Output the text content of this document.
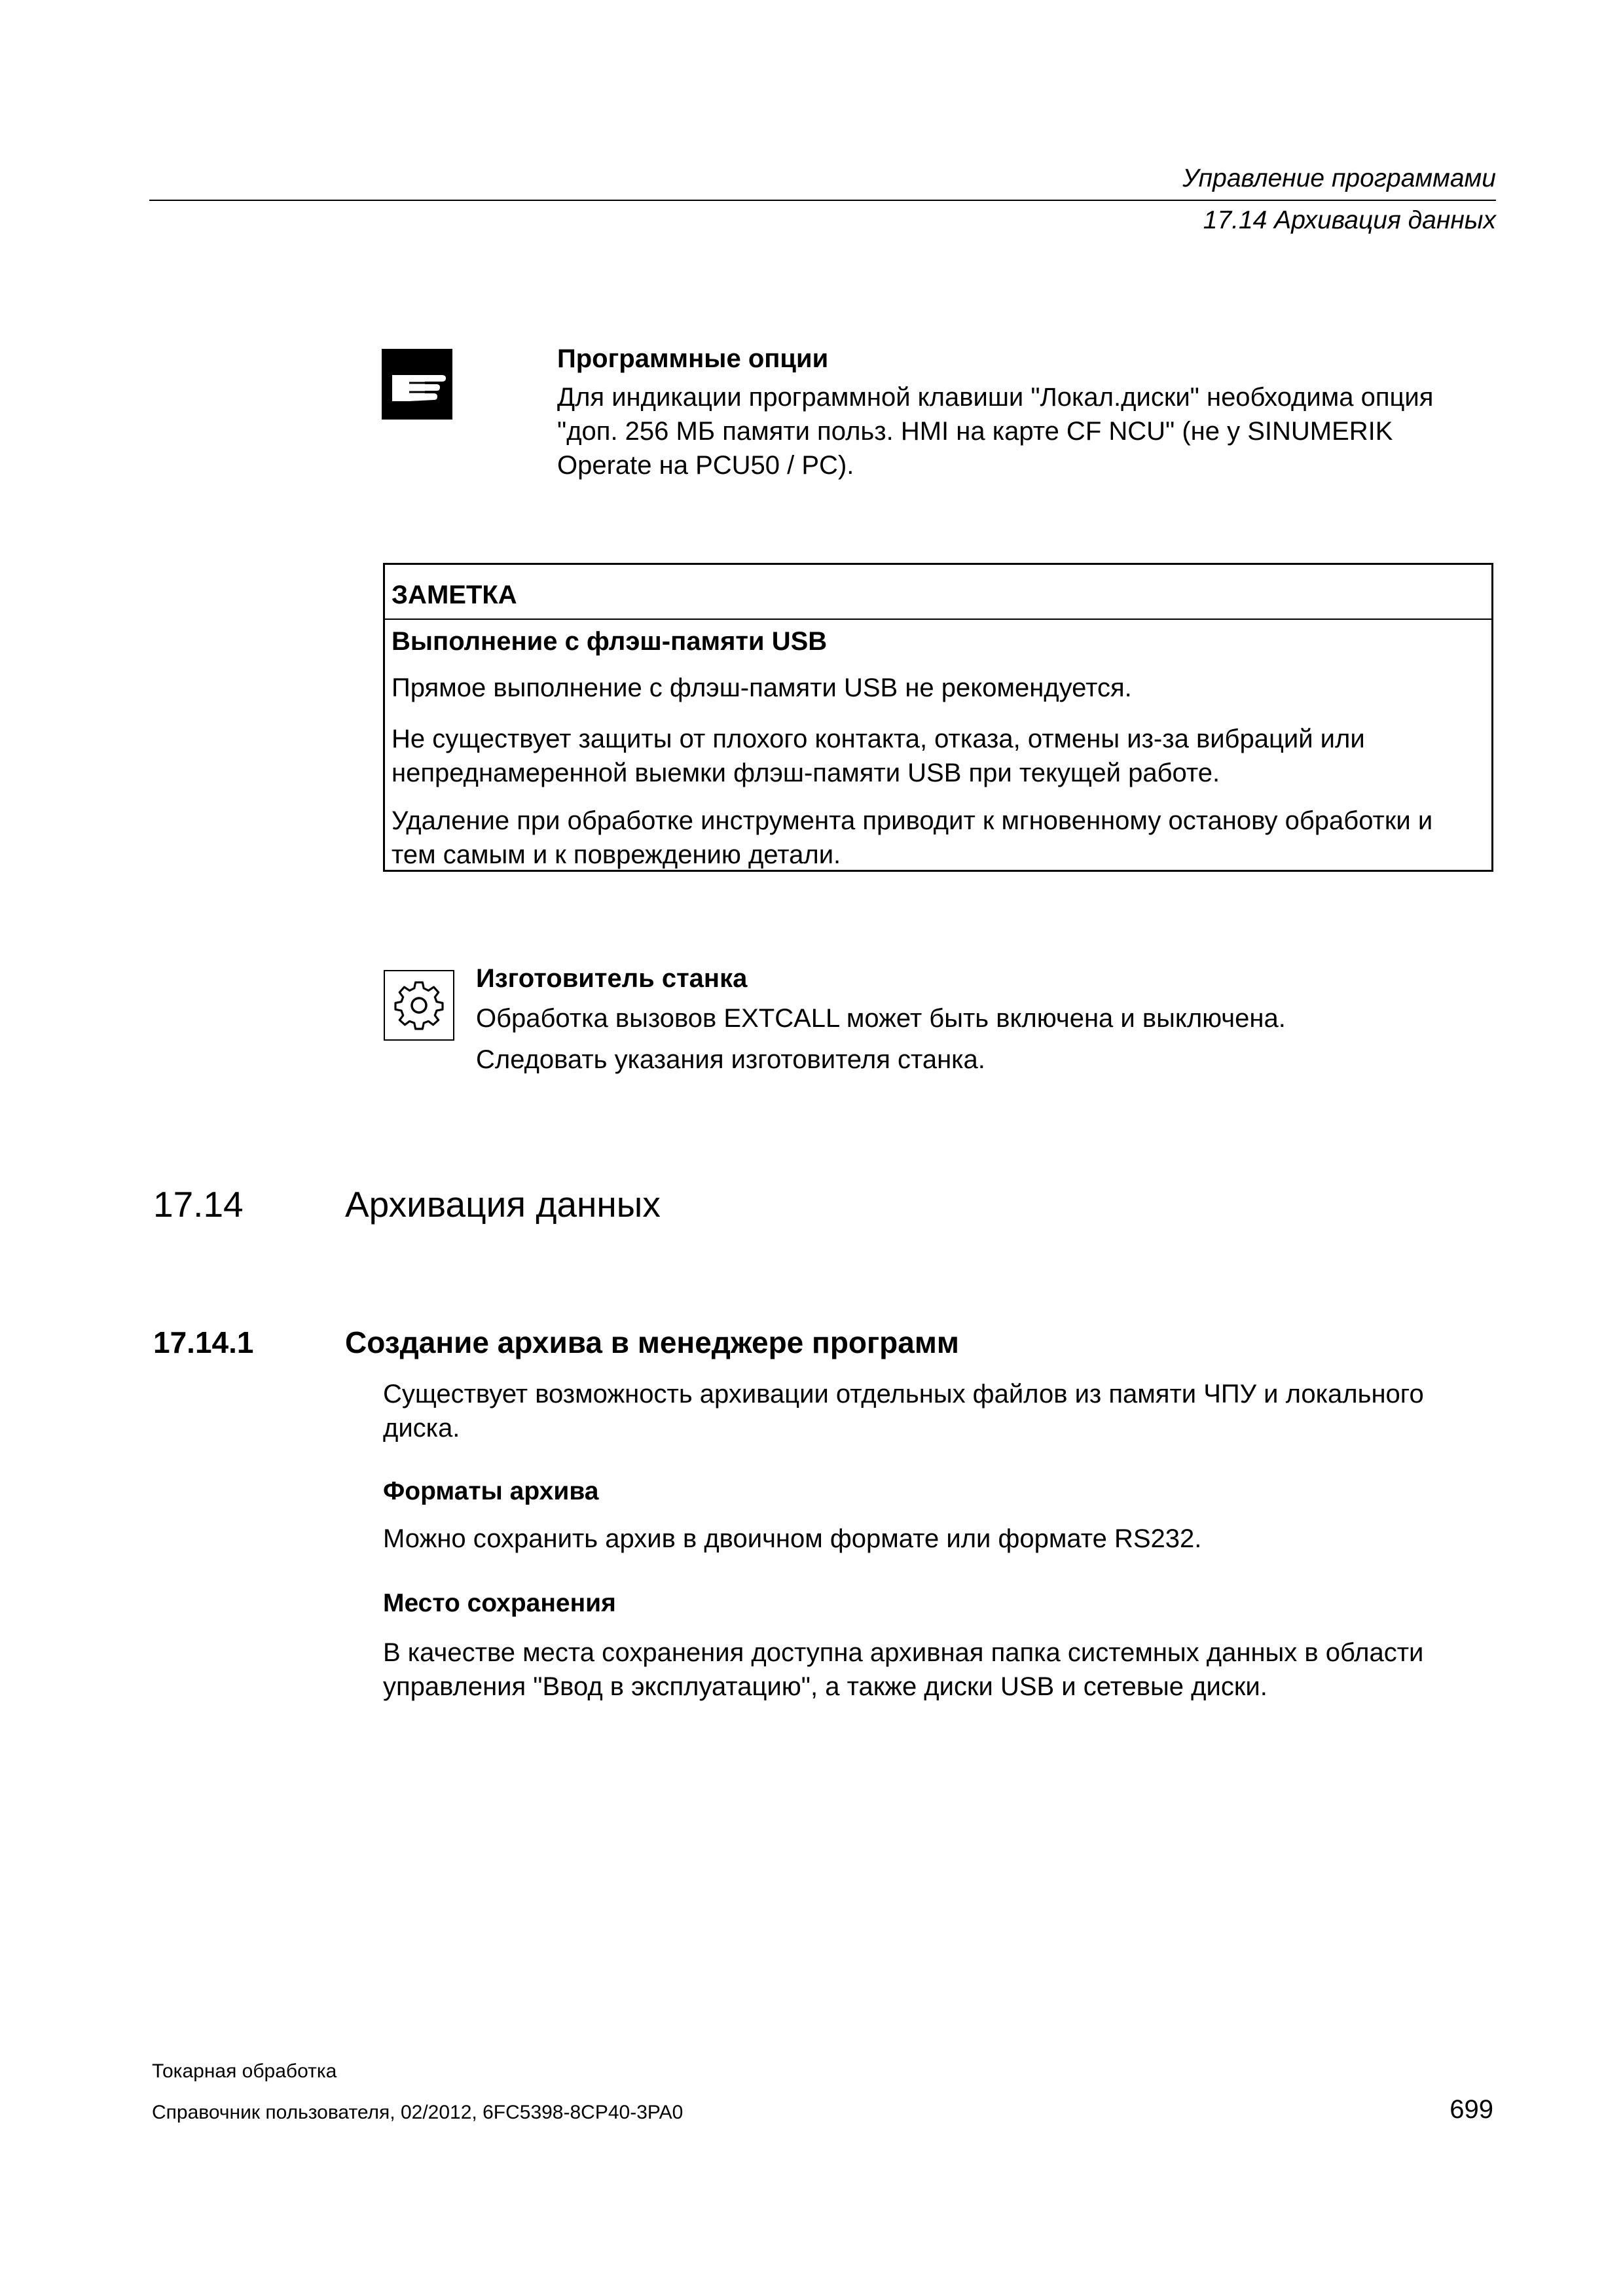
Управление программами
17.14 Архивация данных
Программные опции
Для индикации программной клавиши "Локал.диски" необходима опция
"доп. 256 МБ памяти польз. HMI на карте CF NCU" (не у SINUMERIK
Operate на PCU50 / PC).
ЗАМЕТКА
Выполнение с флэш-памяти USB
Прямое выполнение с флэш-памяти USB не рекомендуется.
Не существует защиты от плохого контакта, отказа, отмены из-за вибраций или
непреднамеренной выемки флэш-памяти USB при текущей работе.
Удаление при обработке инструмента приводит к мгновенному останову обработки и
тем самым и к повреждению детали.
Изготовитель станка
Обработка вызовов EXTCALL может быть включена и выключена.
Следовать указания изготовителя станка.
17.14	Архивация данных
17.14.1	Создание архива в менеджере программ
Существует возможность архивации отдельных файлов из памяти ЧПУ и локального
диска.
Форматы архива
Можно сохранить архив в двоичном формате или формате RS232.
Место сохранения
В качестве места сохранения доступна архивная папка системных данных в области
управления "Ввод в эксплуатацию", а также диски USB и сетевые диски.
Токарная обработка
Справочник пользователя, 02/2012, 6FC5398-8CP40-3PA0	699
